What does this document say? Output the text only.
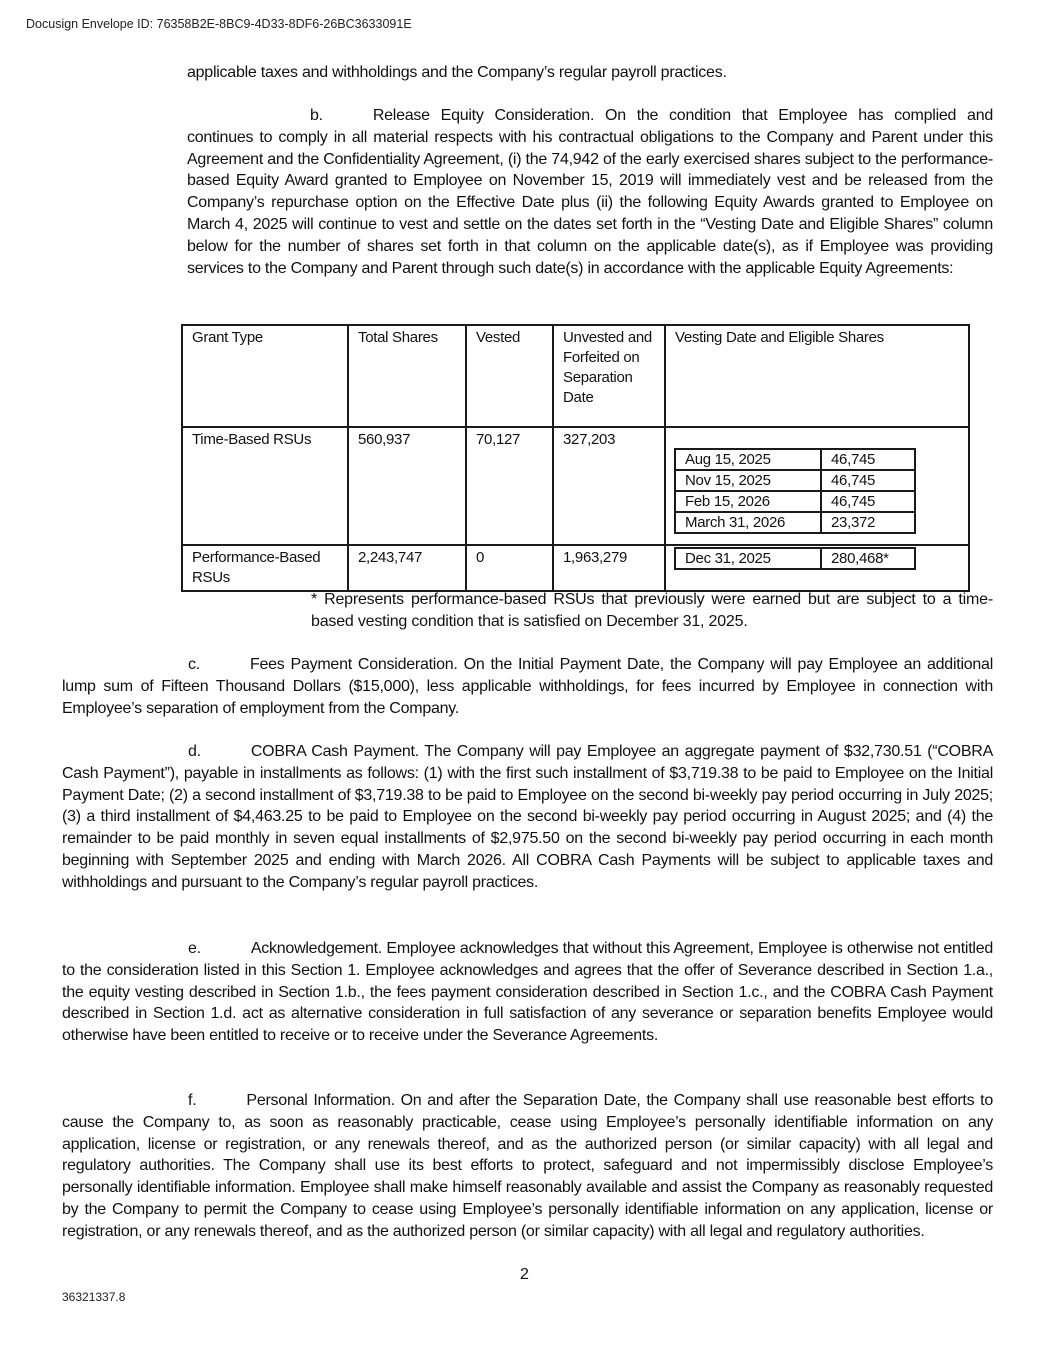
Docusign Envelope ID: 76358B2E-8BC9-4D33-8DF6-26BC3633091E
applicable taxes and withholdings and the Company’s regular payroll practices.
b.	Release Equity Consideration. On the condition that Employee has complied and continues to comply in all material respects with his contractual obligations to the Company and Parent under this Agreement and the Confidentiality Agreement, (i) the 74,942 of the early exercised shares subject to the performance-based Equity Award granted to Employee on November 15, 2019 will immediately vest and be released from the Company’s repurchase option on the Effective Date plus (ii) the following Equity Awards granted to Employee on March 4, 2025 will continue to vest and settle on the dates set forth in the “Vesting Date and Eligible Shares” column below for the number of shares set forth in that column on the applicable date(s), as if Employee was providing services to the Company and Parent through such date(s) in accordance with the applicable Equity Agreements:
Grant Type	Total Shares	Vested	Unvested and Forfeited on Separation Date	Vesting Date and Eligible Shares
Time-Based RSUs	560,937	70,127	327,203	
Aug 15, 2025	46,745
Nov 15, 2025	46,745
Feb 15, 2026	46,745
March 31, 2026	23,372

Performance-Based RSUs	2,243,747	0	1,963,279		Dec 31, 2025	280,468*
* Represents performance-based RSUs that previously were earned but are subject to a time-based vesting condition that is satisfied on December 31, 2025.
c.	Fees Payment Consideration. On the Initial Payment Date, the Company will pay Employee an additional lump sum of Fifteen Thousand Dollars ($15,000), less applicable withholdings, for fees incurred by Employee in connection with Employee’s separation of employment from the Company.
d.	COBRA Cash Payment. The Company will pay Employee an aggregate payment of $32,730.51 (“COBRA Cash Payment”), payable in installments as follows: (1) with the first such installment of $3,719.38 to be paid to Employee on the Initial Payment Date; (2) a second installment of $3,719.38 to be paid to Employee on the second bi-weekly pay period occurring in July 2025; (3) a third installment of $4,463.25 to be paid to Employee on the second bi-weekly pay period occurring in August 2025; and (4) the remainder to be paid monthly in seven equal installments of $2,975.50 on the second bi-weekly pay period occurring in each month beginning with September 2025 and ending with March 2026. All COBRA Cash Payments will be subject to applicable taxes and withholdings and pursuant to the Company’s regular payroll practices.
e.	Acknowledgement. Employee acknowledges that without this Agreement, Employee is otherwise not entitled to the consideration listed in this Section 1. Employee acknowledges and agrees that the offer of Severance described in Section 1.a., the equity vesting described in Section 1.b., the fees payment consideration described in Section 1.c., and the COBRA Cash Payment described in Section 1.d. act as alternative consideration in full satisfaction of any severance or separation benefits Employee would otherwise have been entitled to receive or to receive under the Severance Agreements.
f.	Personal Information. On and after the Separation Date, the Company shall use reasonable best efforts to cause the Company to, as soon as reasonably practicable, cease using Employee’s personally identifiable information on any application, license or registration, or any renewals thereof, and as the authorized person (or similar capacity) with all legal and regulatory authorities. The Company shall use its best efforts to protect, safeguard and not impermissibly disclose Employee’s personally identifiable information. Employee shall make himself reasonably available and assist the Company as reasonably requested by the Company to permit the Company to cease using Employee’s personally identifiable information on any application, license or registration, or any renewals thereof, and as the authorized person (or similar capacity) with all legal and regulatory authorities.
2
36321337.8
